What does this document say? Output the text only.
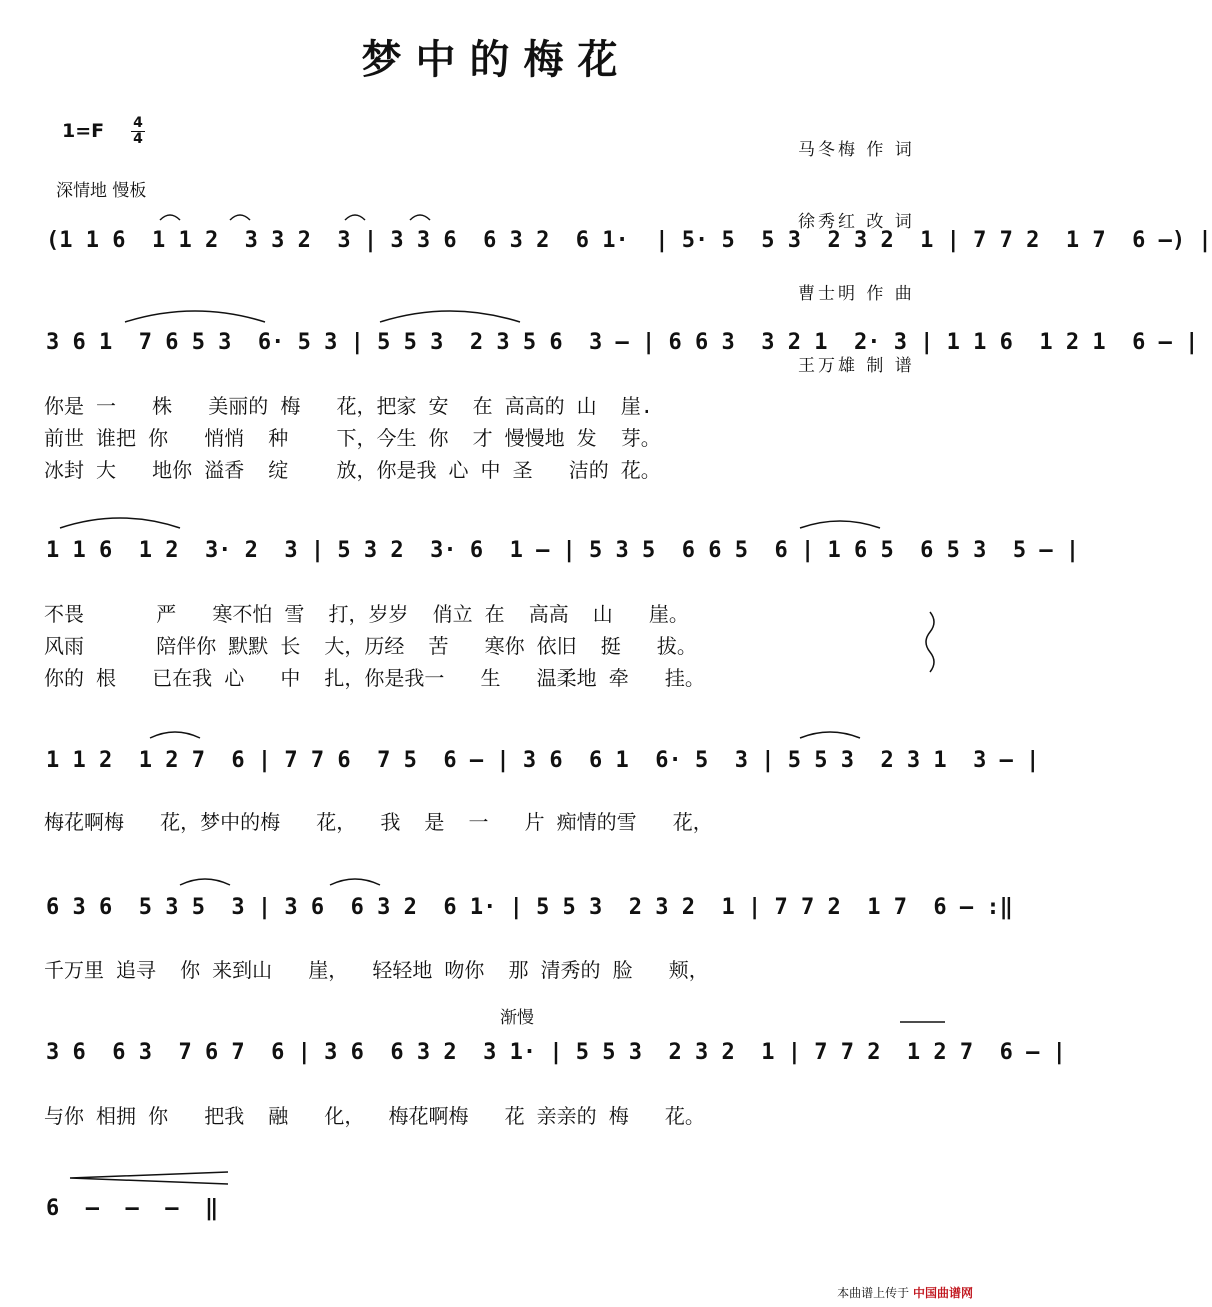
梦中的梅花

马冬梅 作 词

徐秀红 改 词

曹士明 作 曲

王万雄 制 谱

1=F 4
4
深情地 慢板
(1 1 6  1 1 2  3 3 2  3 | 3 3 6  6 3 2  6 1·  | 5· 5  5 3  2 3 2  1 | 7 7 2  1 7  6 –) |
3 6 1  7 6 5 3  6· 5 3 | 5 5 3  2 3 5 6  3 – | 6 6 3  3 2 1  2· 3 | 1 1 6  1 2 1  6 – |
你是 一   株   美丽的 梅   花，把家 安  在 高高的 山  崖.
前世 谁把 你   悄悄  种    下，今生 你  才 慢慢地 发  芽。
冰封 大   地你 溢香  绽    放，你是我 心 中 圣   洁的 花。
1 1 6  1 2  3· 2  3 | 5 3 2  3· 6  1 – | 5 3 5  6 6 5  6 | 1 6 5  6 5 3  5 – |
不畏      严   寒不怕 雪  打，岁岁  俏立 在  高高  山   崖。
风雨      陪伴你 默默 长  大，历经  苦   寒你 依旧  挺   拔。
你的 根   已在我 心   中  扎，你是我一   生   温柔地 牵   挂。
1 1 2  1 2 7  6 | 7 7 6  7 5  6 – | 3 6  6 1  6· 5  3 | 5 5 3  2 3 1  3 – |
梅花啊梅   花，梦中的梅   花，  我  是  一   片 痴情的雪   花，
6 3 6  5 3 5  3 | 3 6  6 3 2  6 1· | 5 5 3  2 3 2  1 | 7 7 2  1 7  6 – :‖
千万里 追寻  你 来到山   崖，  轻轻地 吻你  那 清秀的 脸   颊，
渐慢
3 6  6 3  7 6 7  6 | 3 6  6 3 2  3 1· | 5 5 3  2 3 2  1 | 7 7 2  1 2 7  6 – |
与你 相拥 你   把我  融   化，  梅花啊梅   花 亲亲的 梅   花。
6  –  –  –  ‖
本曲谱上传于 中国曲谱网
